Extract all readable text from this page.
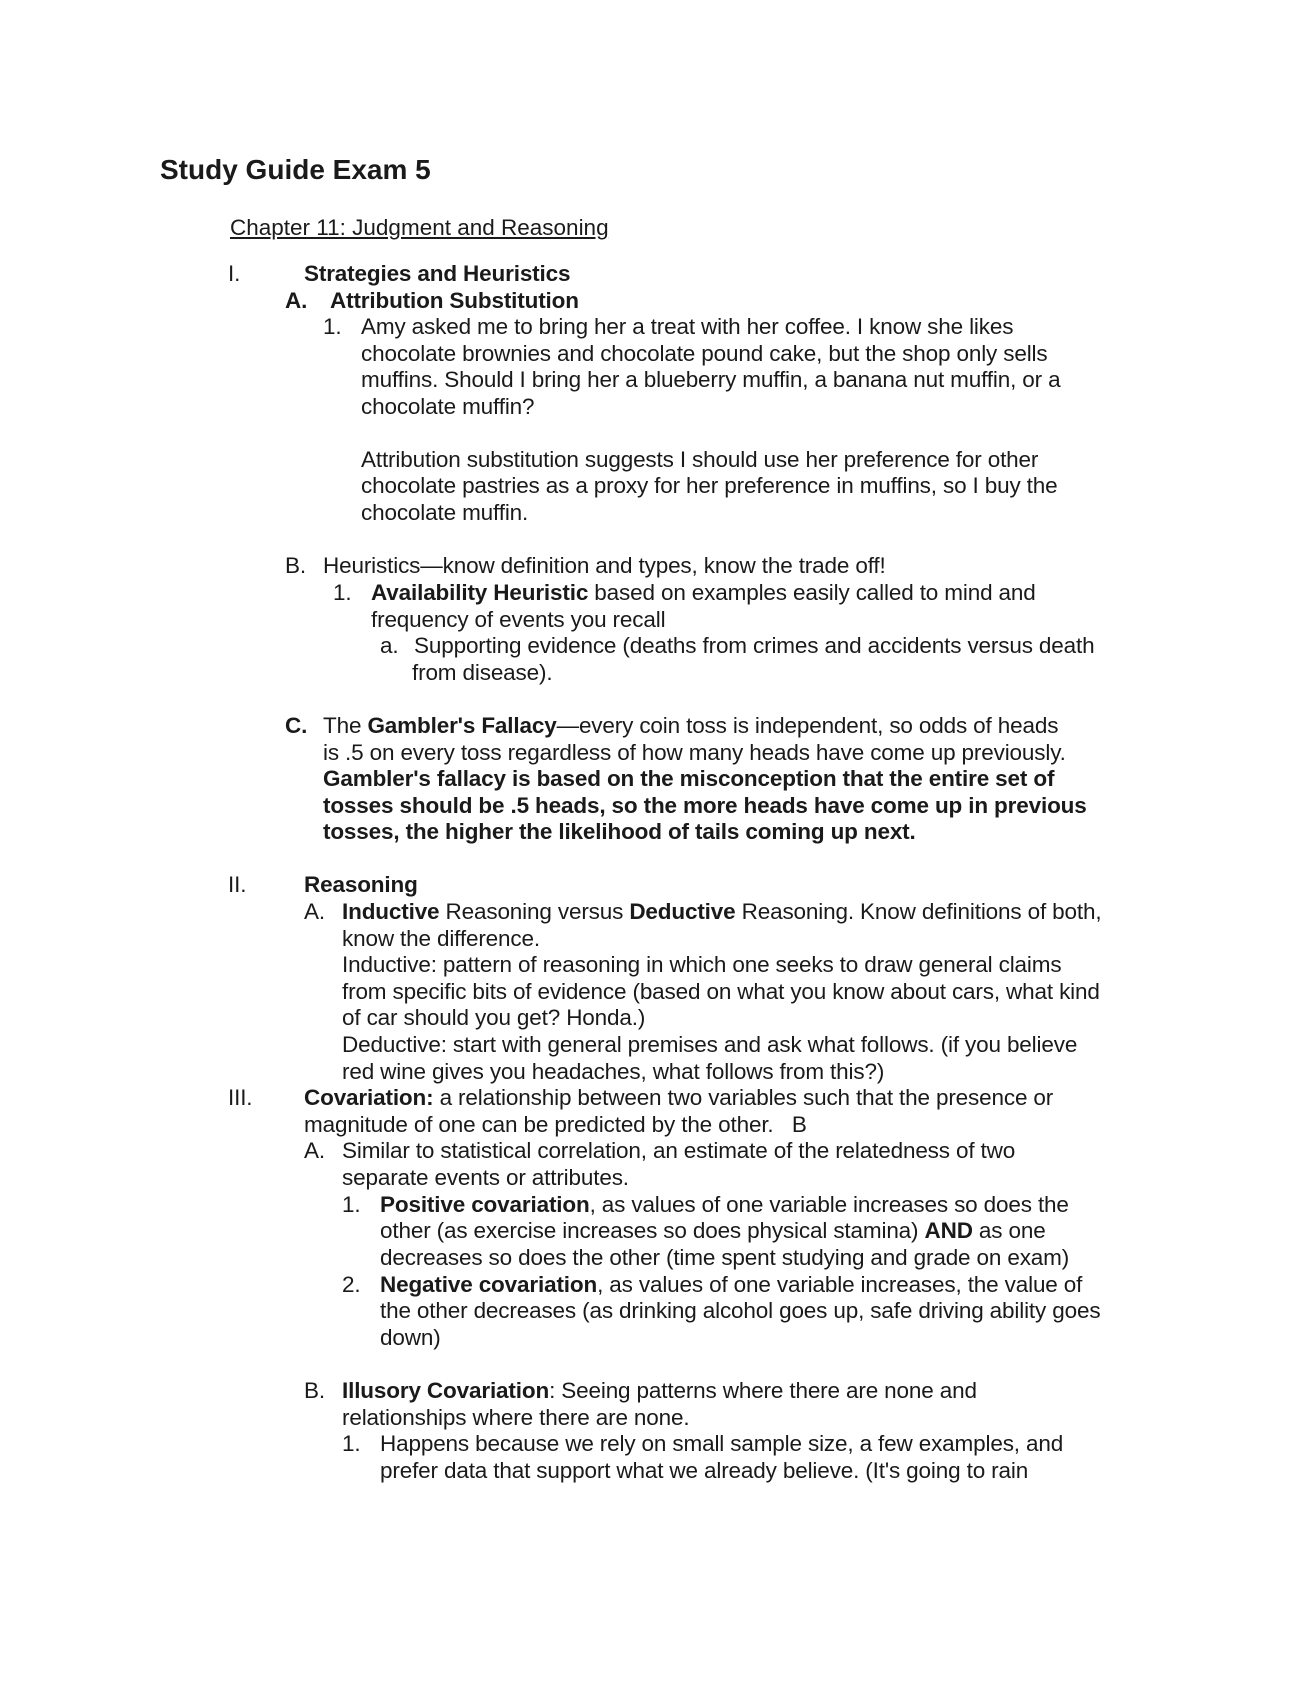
Study Guide Exam 5
Chapter 11: Judgment and Reasoning
I.	Strategies and Heuristics
A. Attribution Substitution
1. Amy asked me to bring her a treat with her coffee. I know she likes
chocolate brownies and chocolate pound cake, but the shop only sells
muffins. Should I bring her a blueberry muffin, a banana nut muffin, or a
chocolate muffin?
Attribution substitution suggests I should use her preference for other
chocolate pastries as a proxy for her preference in muffins, so I buy the
chocolate muffin.
B. Heuristics—know definition and types, know the trade off!
1. Availability Heuristic based on examples easily called to mind and
frequency of events you recall
a. Supporting evidence (deaths from crimes and accidents versus death
from disease).
C. The Gambler's Fallacy—every coin toss is independent, so odds of heads
is .5 on every toss regardless of how many heads have come up previously.
Gambler's fallacy is based on the misconception that the entire set of
tosses should be .5 heads, so the more heads have come up in previous
tosses, the higher the likelihood of tails coming up next.
II.	Reasoning
A. Inductive Reasoning versus Deductive Reasoning. Know definitions of both,
know the difference.
Inductive: pattern of reasoning in which one seeks to draw general claims
from specific bits of evidence (based on what you know about cars, what kind
of car should you get? Honda.)
Deductive: start with general premises and ask what follows. (if you believe
red wine gives you headaches, what follows from this?)
III. Covariation: a relationship between two variables such that the presence or
magnitude of one can be predicted by the other.   B
A. Similar to statistical correlation, an estimate of the relatedness of two
separate events or attributes.
1. Positive covariation, as values of one variable increases so does the
other (as exercise increases so does physical stamina) AND as one
decreases so does the other (time spent studying and grade on exam)
2. Negative covariation, as values of one variable increases, the value of
the other decreases (as drinking alcohol goes up, safe driving ability goes
down)
B. Illusory Covariation: Seeing patterns where there are none and
relationships where there are none.
1. Happens because we rely on small sample size, a few examples, and
prefer data that support what we already believe. (It's going to rain
